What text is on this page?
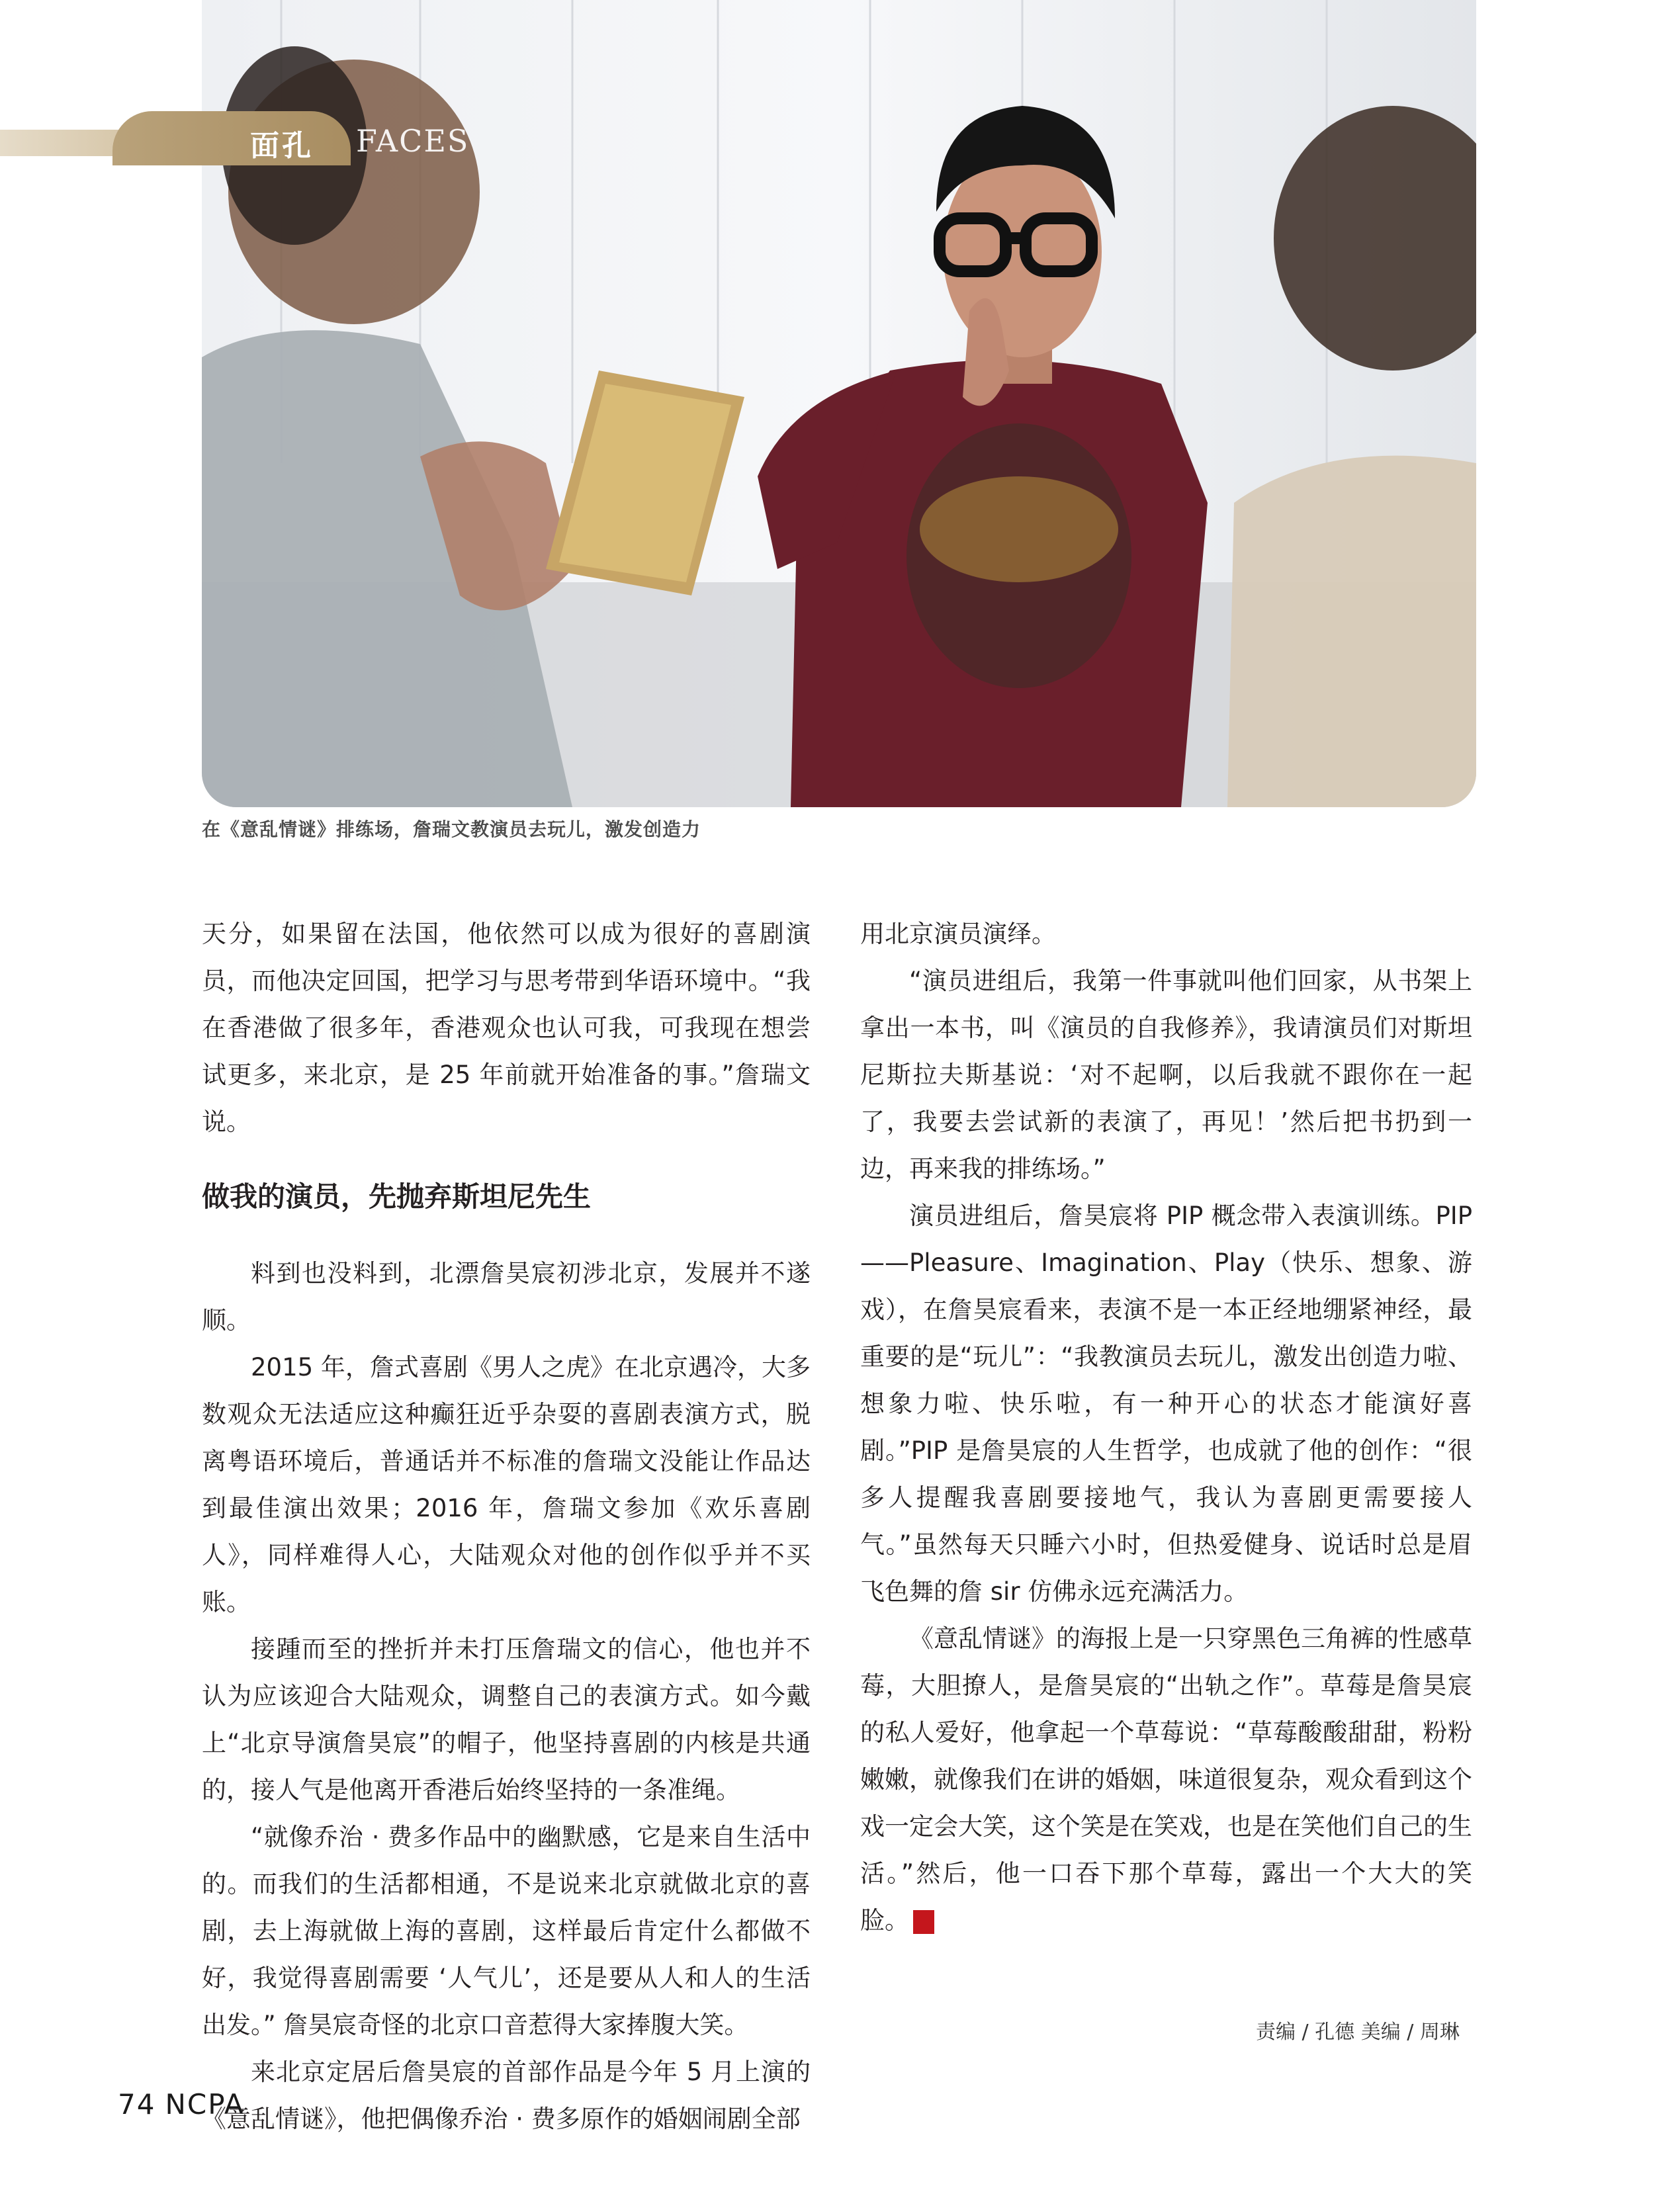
面孔 FACES
在《意乱情谜》排练场，詹瑞文教演员去玩儿，激发创造力

天分，如果留在法国，他依然可以成为很好的喜剧演员，而他决定回国，把学习与思考带到华语环境中。“我在香港做了很多年，香港观众也认可我，可我现在想尝试更多，来北京，是 25 年前就开始准备的事。”詹瑞文说。

做我的演员，先抛弃斯坦尼先生

料到也没料到，北漂詹昊宸初涉北京，发展并不遂顺。

2015 年，詹式喜剧《男人之虎》在北京遇冷，大多数观众无法适应这种癫狂近乎杂耍的喜剧表演方式，脱离粤语环境后，普通话并不标准的詹瑞文没能让作品达到最佳演出效果；2016 年，詹瑞文参加《欢乐喜剧人》，同样难得人心，大陆观众对他的创作似乎并不买账。

接踵而至的挫折并未打压詹瑞文的信心，他也并不认为应该迎合大陆观众，调整自己的表演方式。如今戴上“北京导演詹昊宸”的帽子，他坚持喜剧的内核是共通的，接人气是他离开香港后始终坚持的一条准绳。

“就像乔治 · 费多作品中的幽默感，它是来自生活中的。而我们的生活都相通，不是说来北京就做北京的喜剧，去上海就做上海的喜剧，这样最后肯定什么都做不好，我觉得喜剧需要 ‘人气儿’，还是要从人和人的生活出发。” 詹昊宸奇怪的北京口音惹得大家捧腹大笑。

来北京定居后詹昊宸的首部作品是今年 5 月上演的《意乱情谜》，他把偶像乔治 · 费多原作的婚姻闹剧全部

用北京演员演绎。

“演员进组后，我第一件事就叫他们回家，从书架上拿出一本书，叫《演员的自我修养》，我请演员们对斯坦尼斯拉夫斯基说：‘对不起啊，以后我就不跟你在一起了，我要去尝试新的表演了，再见！’然后把书扔到一边，再来我的排练场。”

演员进组后，詹昊宸将 PIP 概念带入表演训练。PIP——Pleasure、Imagination、Play（快乐、想象、游戏），在詹昊宸看来，表演不是一本正经地绷紧神经，最重要的是“玩儿”：“我教演员去玩儿，激发出创造力啦、想象力啦、快乐啦，有一种开心的状态才能演好喜剧。”PIP 是詹昊宸的人生哲学，也成就了他的创作：“很多人提醒我喜剧要接地气，我认为喜剧更需要接人气。”虽然每天只睡六小时，但热爱健身、说话时总是眉飞色舞的詹 sir 仿佛永远充满活力。

《意乱情谜》的海报上是一只穿黑色三角裤的性感草莓，大胆撩人，是詹昊宸的“出轨之作”。草莓是詹昊宸的私人爱好，他拿起一个草莓说：“草莓酸酸甜甜，粉粉嫩嫩，就像我们在讲的婚姻，味道很复杂，观众看到这个戏一定会大笑，这个笑是在笑戏，也是在笑他们自己的生活。”然后，他一口吞下那个草莓，露出一个大大的笑脸。	NCPA

责编 / 孔德 美编 / 周琳
74 NCPA
